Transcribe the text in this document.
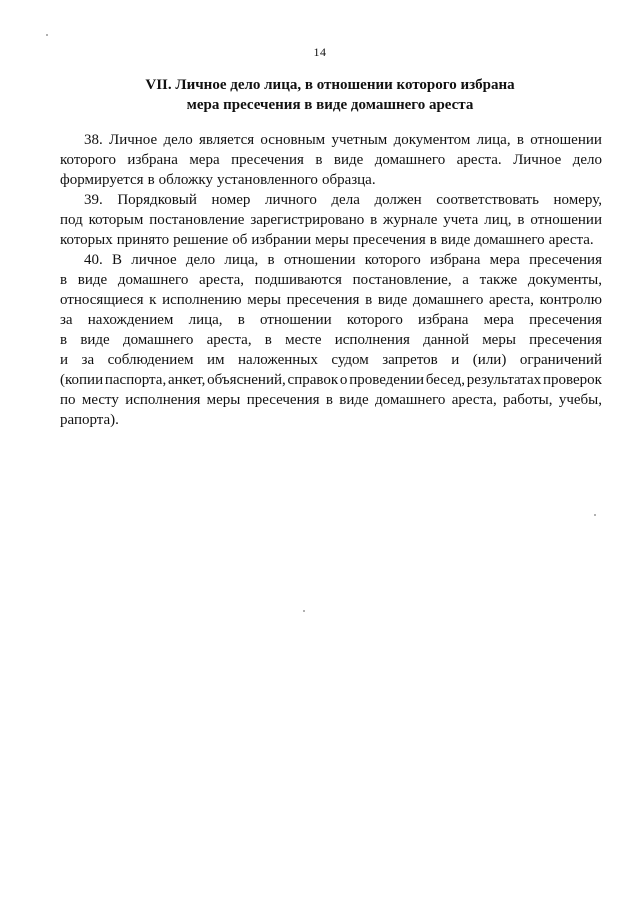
14
VII. Личное дело лица, в отношении которого избрана
мера пресечения в виде домашнего ареста
38. Личное дело является основным учетным документом лица, в отношении
которого избрана мера пресечения в виде домашнего ареста. Личное дело
формируется в обложку установленного образца.
39. Порядковый номер личного дела должен соответствовать номеру,
под которым постановление зарегистрировано в журнале учета лиц, в отношении
которых принято решение об избрании меры пресечения в виде домашнего ареста.
40. В личное дело лица, в отношении которого избрана мера пресечения
в виде домашнего ареста, подшиваются постановление, а также документы,
относящиеся к исполнению меры пресечения в виде домашнего ареста, контролю
за нахождением лица, в отношении которого избрана мера пресечения
в виде домашнего ареста, в месте исполнения данной меры пресечения
и за соблюдением им наложенных судом запретов и (или) ограничений
(копии паспорта, анкет, объяснений, справок о проведении бесед, результатах проверок
по месту исполнения меры пресечения в виде домашнего ареста, работы, учебы,
рапорта).
